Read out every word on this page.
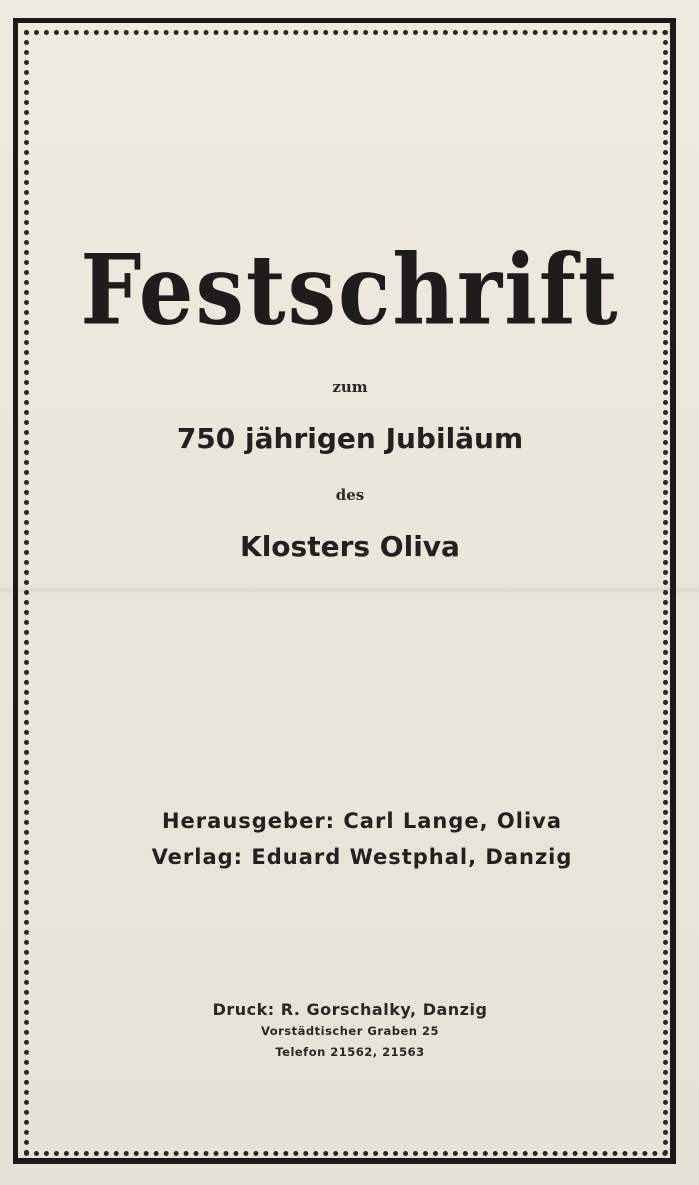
Festschrift
zum
750 jährigen Jubiläum
des
Klosters Oliva
Herausgeber: Carl Lange, Oliva
Verlag: Eduard Westphal, Danzig
Druck: R. Gorschalky, Danzig
Vorstädtischer Graben 25
Telefon 21562, 21563
